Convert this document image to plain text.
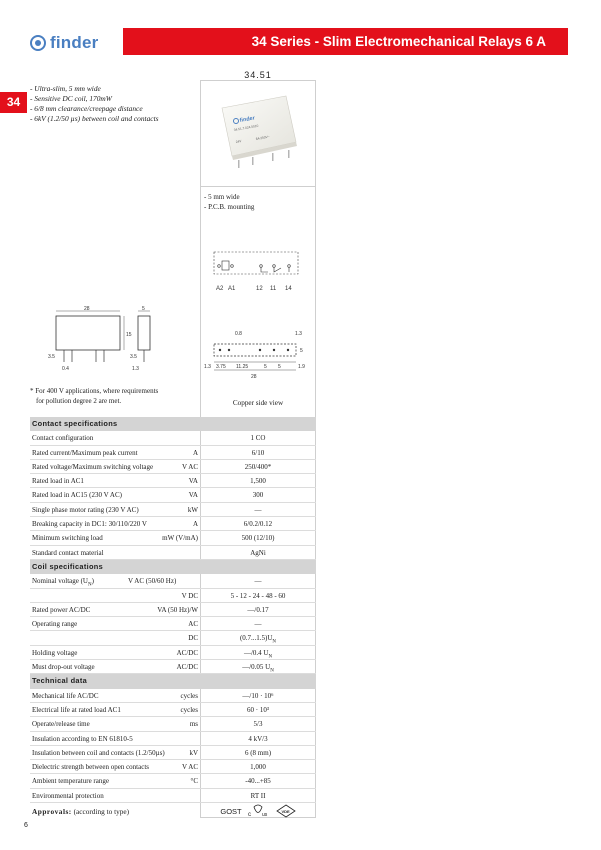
finder	34 Series - Slim Electromechanical Relays 6 A
34
- Ultra-slim, 5 mm wide
- Sensitive DC coil, 170mW
- 6/8 mm clearance/creepage distance
- 6kV (1.2/50 µs) between coil and contacts
34.51
finder
34.51.7.024.5010
24V
6A 250V~
- 5 mm wide
- P.C.B. mounting
A2 A1	12 11 14
28	5
15
3.5	3.5
0.4	1.3
0.8	1.3
5
3.75 11.25	5 5	1.9
28
1.3
* For 400 V applications, where requirements
for pollution degree 2 are met.	Copper side view
Contact specifications
Contact configuration	1 CO
Rated current/Maximum peak current	A	6/10
Rated voltage/Maximum switching voltage	V AC	250/400*
Rated load in AC1	VA	1,500
Rated load in AC15 (230 V AC)	VA	300
Single phase motor rating (230 V AC)	kW	—
Breaking capacity in DC1: 30/110/220 V	A	6/0.2/0.12
Minimum switching load	mW (V/mA)	500 (12/10)
Standard contact material	AgNi
Coil specifications
Nominal voltage $(U_N)$	V AC (50/60 Hz)	—
V DC	5 - 12 - 24 - 48 - 60
Rated power AC/DC	VA (50 Hz)/W	—/0.17
Operating range	AC	—
DC	$(0.7...1.5)U_N$
Holding voltage	AC/DC	—/0.4 $U_N$
Must drop-out voltage	AC/DC	—/0.05 $U_N$
Technical data
Mechanical life AC/DC	cycles	—/10 · 10⁶
Electrical life at rated load AC1	cycles	60 · 10³
Operate/release time	ms	5/3
Insulation according to EN 61810-5	4 kV/3
Insulation between coil and contacts (1.2/50µs)	kV	6 (8 mm)
Dielectric strength between open contacts	V AC	1,000
Ambient temperature range	°C	-40...+85
Environmental protection	RT II
Approvals: (according to type)	GOST c us
VDE
6
